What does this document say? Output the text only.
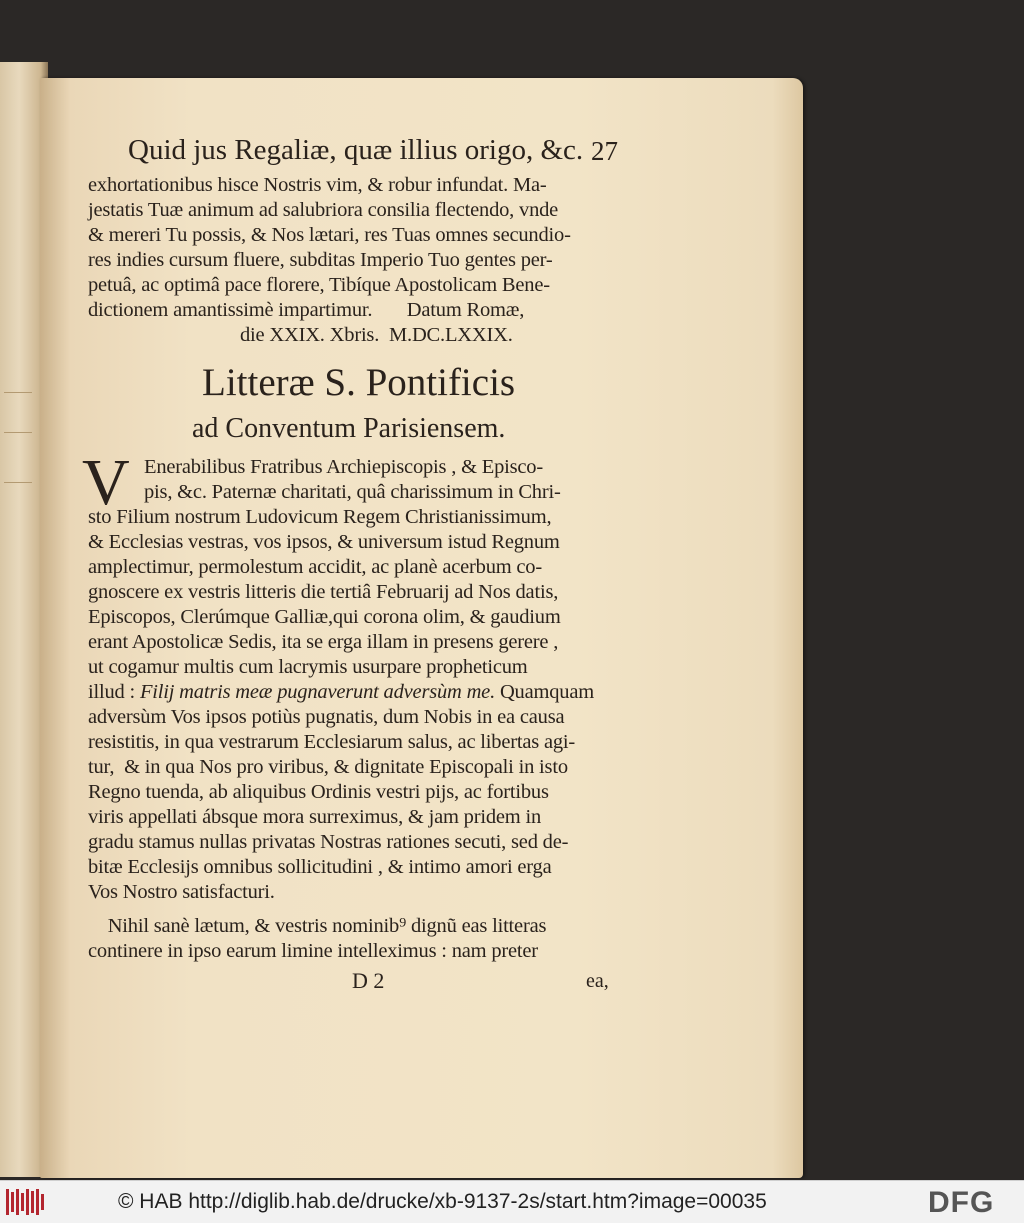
Quid jus Regaliæ, quæ illius origo, &c. 27
exhortationibus hisce Nostris vim, & robur infundat. Ma-
jestatis Tuæ animum ad salubriora consilia flectendo, vnde
& mereri Tu possis, & Nos lætari, res Tuas omnes secundio-
res indies cursum fluere, subditas Imperio Tuo gentes per-
petuâ, ac optimâ pace florere, Tibíque Apostolicam Bene-
dictionem amantissimè impartimur.       Datum Romæ,
die XXIX. Xbris.  M.DC.LXXIX.
Litteræ S. Pontificis
ad Conventum Parisiensem.
V Enerabilibus Fratribus Archiepiscopis , & Episco-
pis, &c. Paternæ charitati, quâ charissimum in Chri-
sto Filium nostrum Ludovicum Regem Christianissimum,
& Ecclesias vestras, vos ipsos, & universum istud Regnum
amplectimur, permolestum accidit, ac planè acerbum co-
gnoscere ex vestris litteris die tertiâ Februarij ad Nos datis,
Episcopos, Clerúmque Galliæ,qui corona olim, & gaudium
erant Apostolicæ Sedis, ita se erga illam in presens gerere ,
ut cogamur multis cum lacrymis usurpare propheticum
illud : Filij matris meæ pugnaverunt adversùm me. Quamquam
adversùm Vos ipsos potiùs pugnatis, dum Nobis in ea causa
resistitis, in qua vestrarum Ecclesiarum salus, ac libertas agi-
tur,  & in qua Nos pro viribus, & dignitate Episcopali in isto
Regno tuenda, ab aliquibus Ordinis vestri pijs, ac fortibus
viris appellati ábsque mora surreximus, & jam pridem in
gradu stamus nullas privatas Nostras rationes secuti, sed de-
bitæ Ecclesijs omnibus sollicitudini , & intimo amori erga
Vos Nostro satisfacturi.
Nihil sanè lætum, & vestris nominib⁹ dignũ eas litteras
continere in ipso earum limine intelleximus : nam preter
D 2	ea,
© HAB http://diglib.hab.de/drucke/xb-9137-2s/start.htm?image=00035	DFG
